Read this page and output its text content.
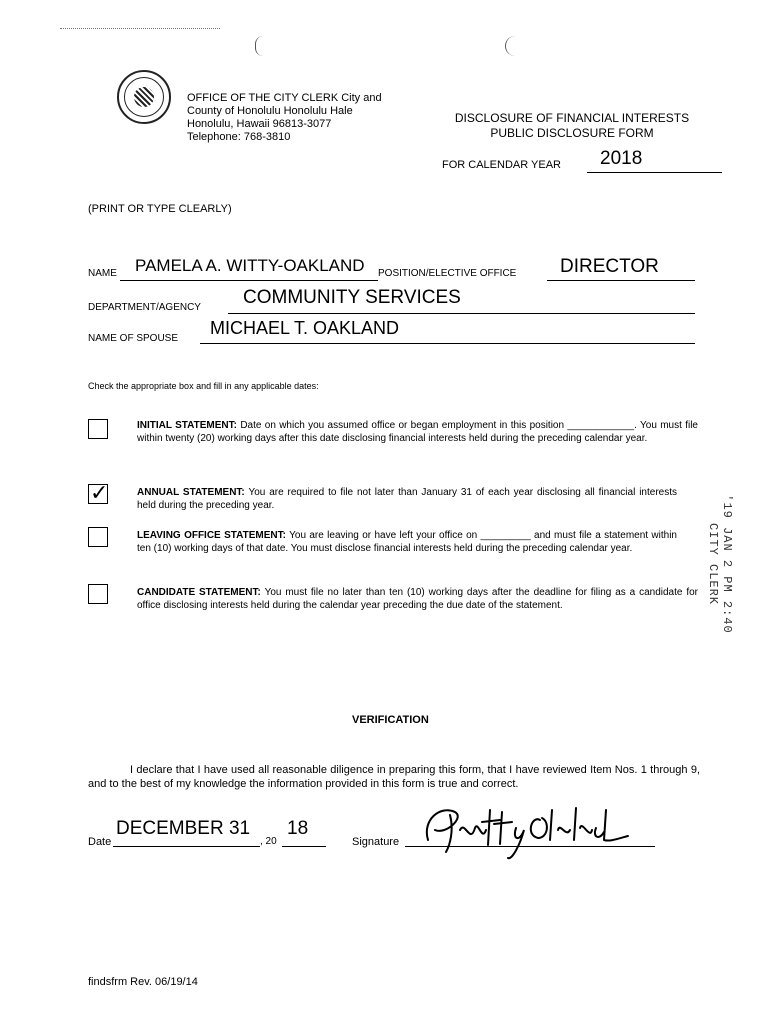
OFFICE OF THE CITY CLERK City and
County of Honolulu Honolulu Hale
Honolulu, Hawaii 96813-3077
Telephone: 768-3810
DISCLOSURE OF FINANCIAL INTERESTS
PUBLIC DISCLOSURE FORM
FOR CALENDAR YEAR 2018
(PRINT OR TYPE CLEARLY)
NAME PAMELA A. WITTY-OAKLAND POSITION/ELECTIVE OFFICE DIRECTOR
DEPARTMENT/AGENCY COMMUNITY SERVICES
NAME OF SPOUSE
MICHAEL T. OAKLAND
Check the appropriate box and fill in any applicable dates:
INITIAL STATEMENT: Date on which you assumed office or began employment in this position ____________. You must file within twenty (20) working days after this date disclosing financial interests held during the preceding calendar year.
✓	ANNUAL STATEMENT: You are required to file not later than January 31 of each year disclosing all financial interests held during the preceding year.
LEAVING OFFICE STATEMENT: You are leaving or have left your office on _________ and must file a statement within ten (10) working days of that date. You must disclose financial interests held during the preceding calendar year.
CANDIDATE STATEMENT: You must file no later than ten (10) working days after the deadline for filing as a candidate for office disclosing interests held during the calendar year preceding the due date of the statement.	'19 JAN 2 PM 2:40 CITY CLERK
VERIFICATION
I declare that I have used all reasonable diligence in preparing this form, that I have reviewed Item Nos. 1 through 9, and to the best of my knowledge the information provided in this form is true and correct.
Date
DECEMBER 31
, 20
18
Signature
findsfrm Rev. 06/19/14
